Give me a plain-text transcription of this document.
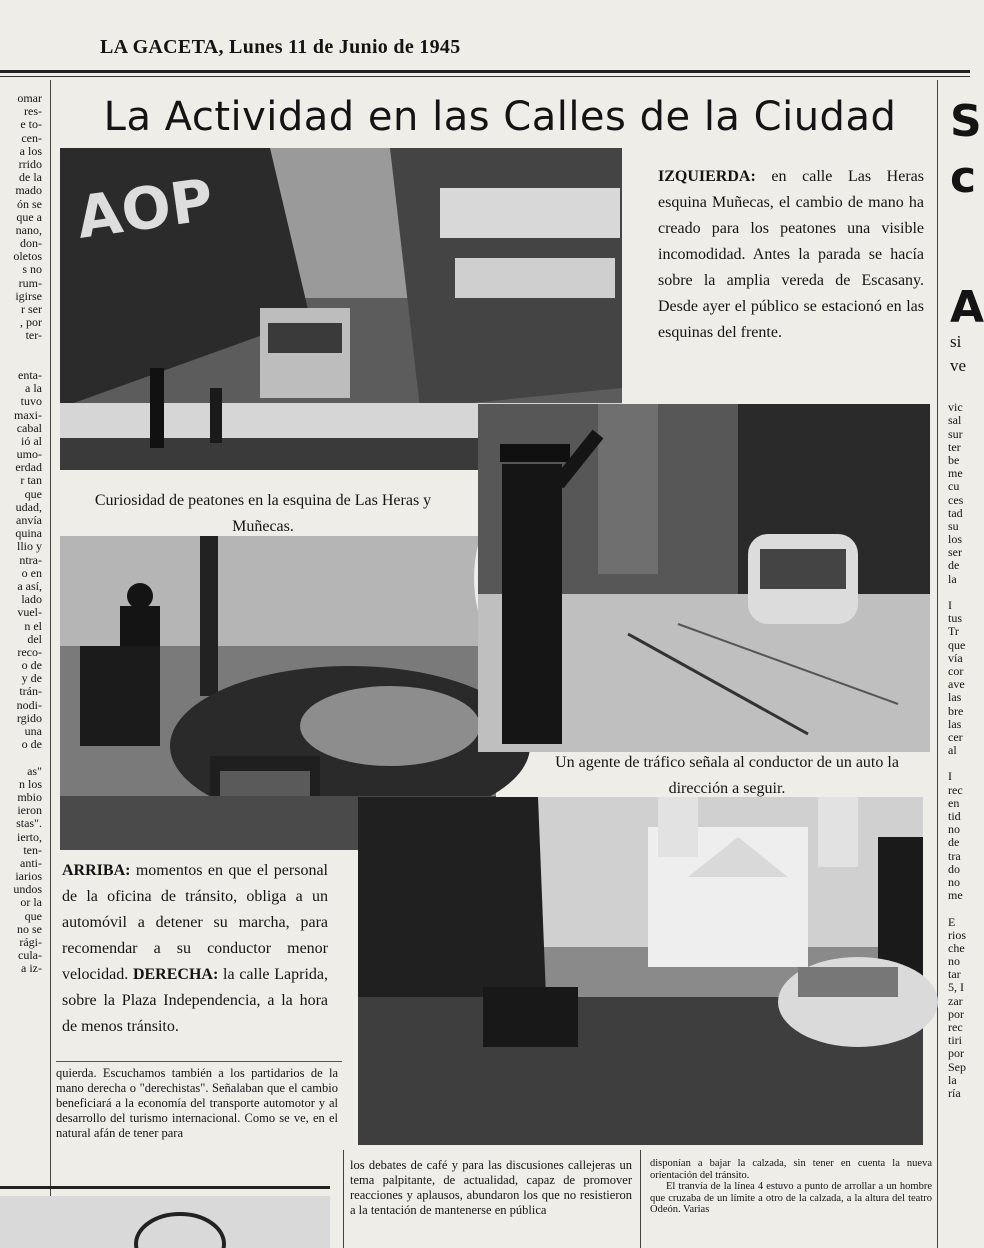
LA GACETA, Lunes 11 de Junio de 1945
omar
res-
e to-
cen-
a los
rrido
de la
mado
ón se
que a
nano,
don-
oletos
s no
rum-
igirse
r ser
, por
ter-
enta-
a la
tuvo
maxi-
cabal
ió al
umo-
erdad
r tan
que
udad,
anvía
quina
llio y
ntra-
o en
a así,
lado
vuel-
n el
del
reco-
o de
y de
trán-
nodi-
rgido
una
o de
as"
n los
mbio
ieron
stas".
ierto,
ten-
anti-
iarios
undos
or la
que
no se
rági-
cula-
a iz-
vic
sal
sur
ter
be
me
cu
ces
tad
su
los
ser
de
la
I
tus
Tr
que
vía
cor
ave
las
bre
las
cer
al
I
rec
en
tid
no
de
tra
do
no
me
E
rios
che
no
tar
5, I
zar
por
rec
tiri
por
Sep
la
ría
S
c
A
si
ve
La Actividad en las Calles de la Ciudad
AOP
Curiosidad de peatones en la esquina de Las Heras y Muñecas.
IZQUIERDA: en calle Las Heras esquina Muñecas, el cambio de mano ha creado para los peatones una visible incomodidad. Antes la parada se hacía sobre la amplia vereda de Escasany. Desde ayer el público se estacionó en las esquinas del frente.
Un agente de tráfico señala al conductor de un auto la dirección a seguir.
ARRIBA: momentos en que el personal de la oficina de tránsito, obliga a un automóvil a detener su marcha, para recomendar a su conductor menor velocidad. DERECHA: la calle Laprida, sobre la Plaza Independencia, a la hora de menos tránsito.
quierda. Escuchamos también a los partidarios de la mano derecha o "derechistas". Señalaban que el cambio beneficiará a la economía del transporte automotor y al desarrollo del turismo internacional. Como se ve, en el natural afán de tener para
los debates de café y para las discusiones callejeras un tema palpitante, de actualidad, capaz de promover reacciones y aplausos, abundaron los que no resistieron a la tentación de mantenerse en pública
disponían a bajar la calzada, sin tener en cuenta la nueva orientación del tránsito.
El tranvía de la línea 4 estuvo a punto de arrollar a un hombre que cruzaba de un límite a otro de la calzada, a la altura del teatro Odeón. Varias
